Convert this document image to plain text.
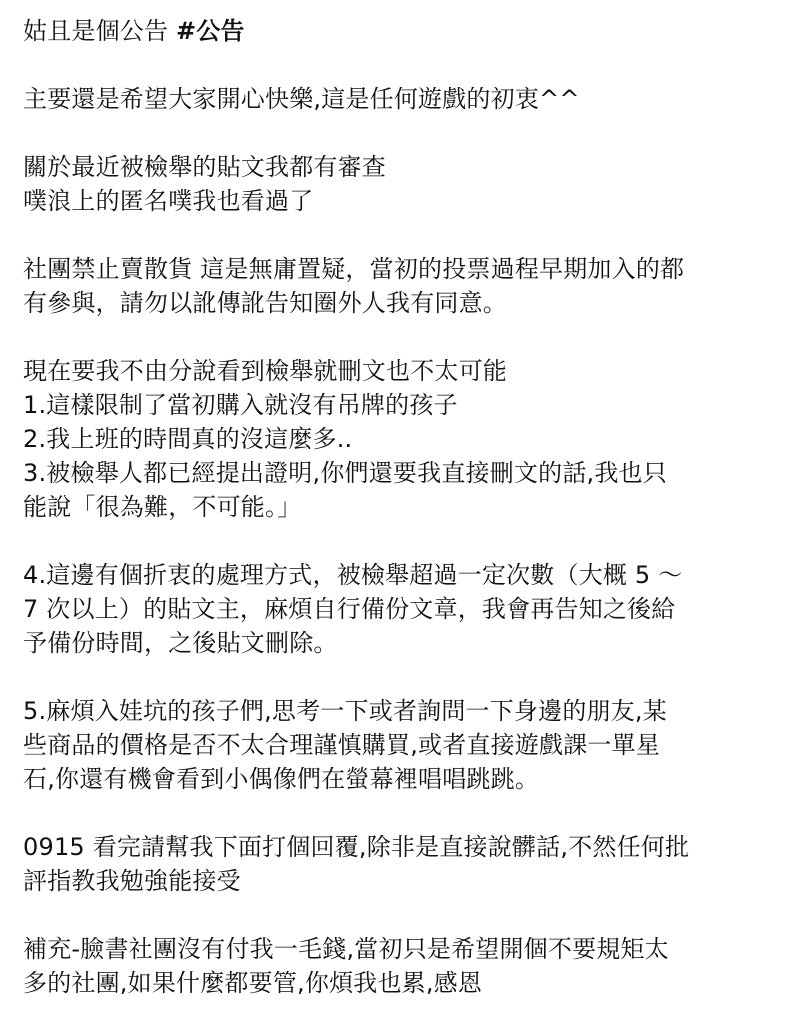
姑且是個公告 #公告
主要還是希望大家開心快樂,這是任何遊戲的初衷^^
關於最近被檢舉的貼文我都有審查
噗浪上的匿名噗我也看過了
社團禁止賣散貨 這是無庸置疑，當初的投票過程早期加入的都
有參與，請勿以訛傳訛告知圈外人我有同意。
現在要我不由分說看到檢舉就刪文也不太可能
1.這樣限制了當初購入就沒有吊牌的孩子
2.我上班的時間真的沒這麼多..
3.被檢舉人都已經提出證明,你們還要我直接刪文的話,我也只
能說「很為難，不可能。」
4.這邊有個折衷的處理方式，被檢舉超過一定次數（大概 5 ～
7 次以上）的貼文主，麻煩自行備份文章，我會再告知之後給
予備份時間，之後貼文刪除。
5.麻煩入娃坑的孩子們,思考一下或者詢問一下身邊的朋友,某
些商品的價格是否不太合理謹慎購買,或者直接遊戲課一單星
石,你還有機會看到小偶像們在螢幕裡唱唱跳跳。
0915 看完請幫我下面打個回覆,除非是直接說髒話,不然任何批
評指教我勉強能接受
補充-臉書社團沒有付我一毛錢,當初只是希望開個不要規矩太
多的社團,如果什麼都要管,你煩我也累,感恩
